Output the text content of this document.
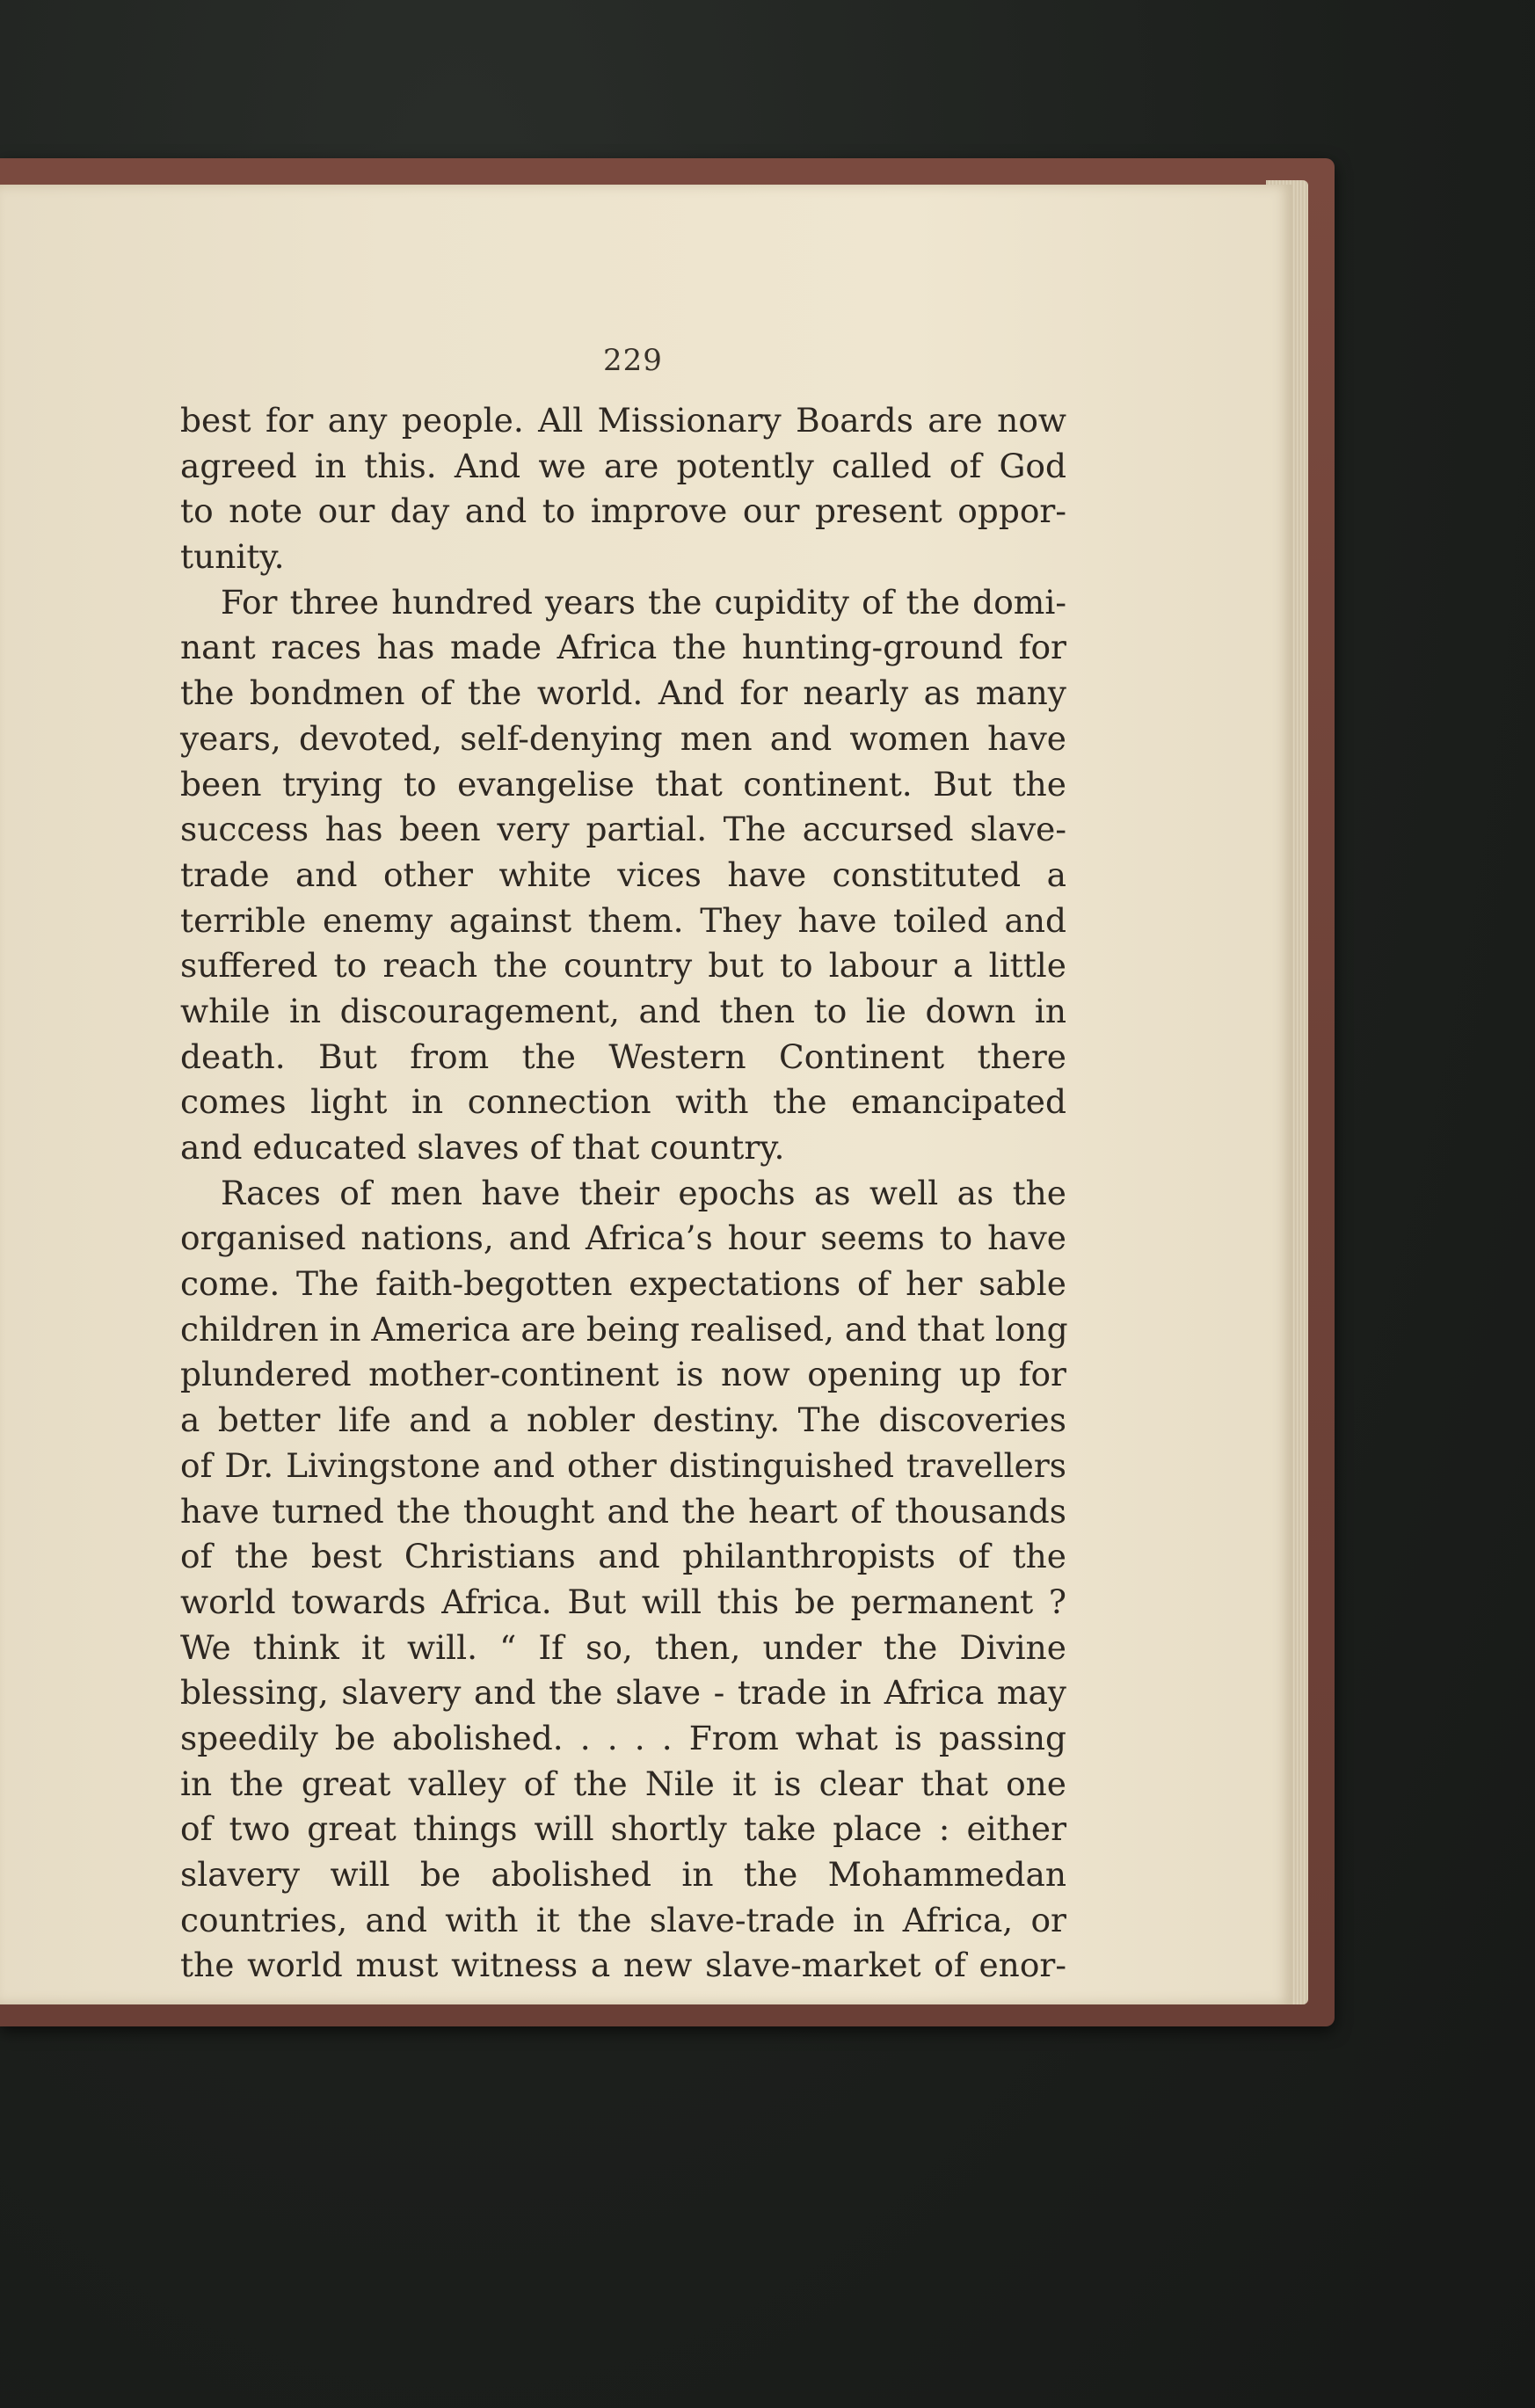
229
best for any people. All Missionary Boards are now
agreed in this. And we are potently called of God
to note our day and to improve our present oppor-
tunity.
For three hundred years the cupidity of the domi-
nant races has made Africa the hunting-ground for
the bondmen of the world. And for nearly as many
years, devoted, self-denying men and women have
been trying to evangelise that continent. But the
success has been very partial. The accursed slave-
trade and other white vices have constituted a
terrible enemy against them. They have toiled and
suffered to reach the country but to labour a little
while in discouragement, and then to lie down in
death. But from the Western Continent there
comes light in connection with the emancipated
and educated slaves of that country.
Races of men have their epochs as well as the
organised nations, and Africa’s hour seems to have
come. The faith-begotten expectations of her sable
children in America are being realised, and that long
plundered mother-continent is now opening up for
a better life and a nobler destiny. The discoveries
of Dr. Livingstone and other distinguished travellers
have turned the thought and the heart of thousands
of the best Christians and philanthropists of the
world towards Africa. But will this be permanent ?
We think it will. “ If so, then, under the Divine
blessing, slavery and the slave - trade in Africa may
speedily be abolished. . . . . From what is passing
in the great valley of the Nile it is clear that one
of two great things will shortly take place : either
slavery will be abolished in the Mohammedan
countries, and with it the slave-trade in Africa, or
the world must witness a new slave-market of enor-
